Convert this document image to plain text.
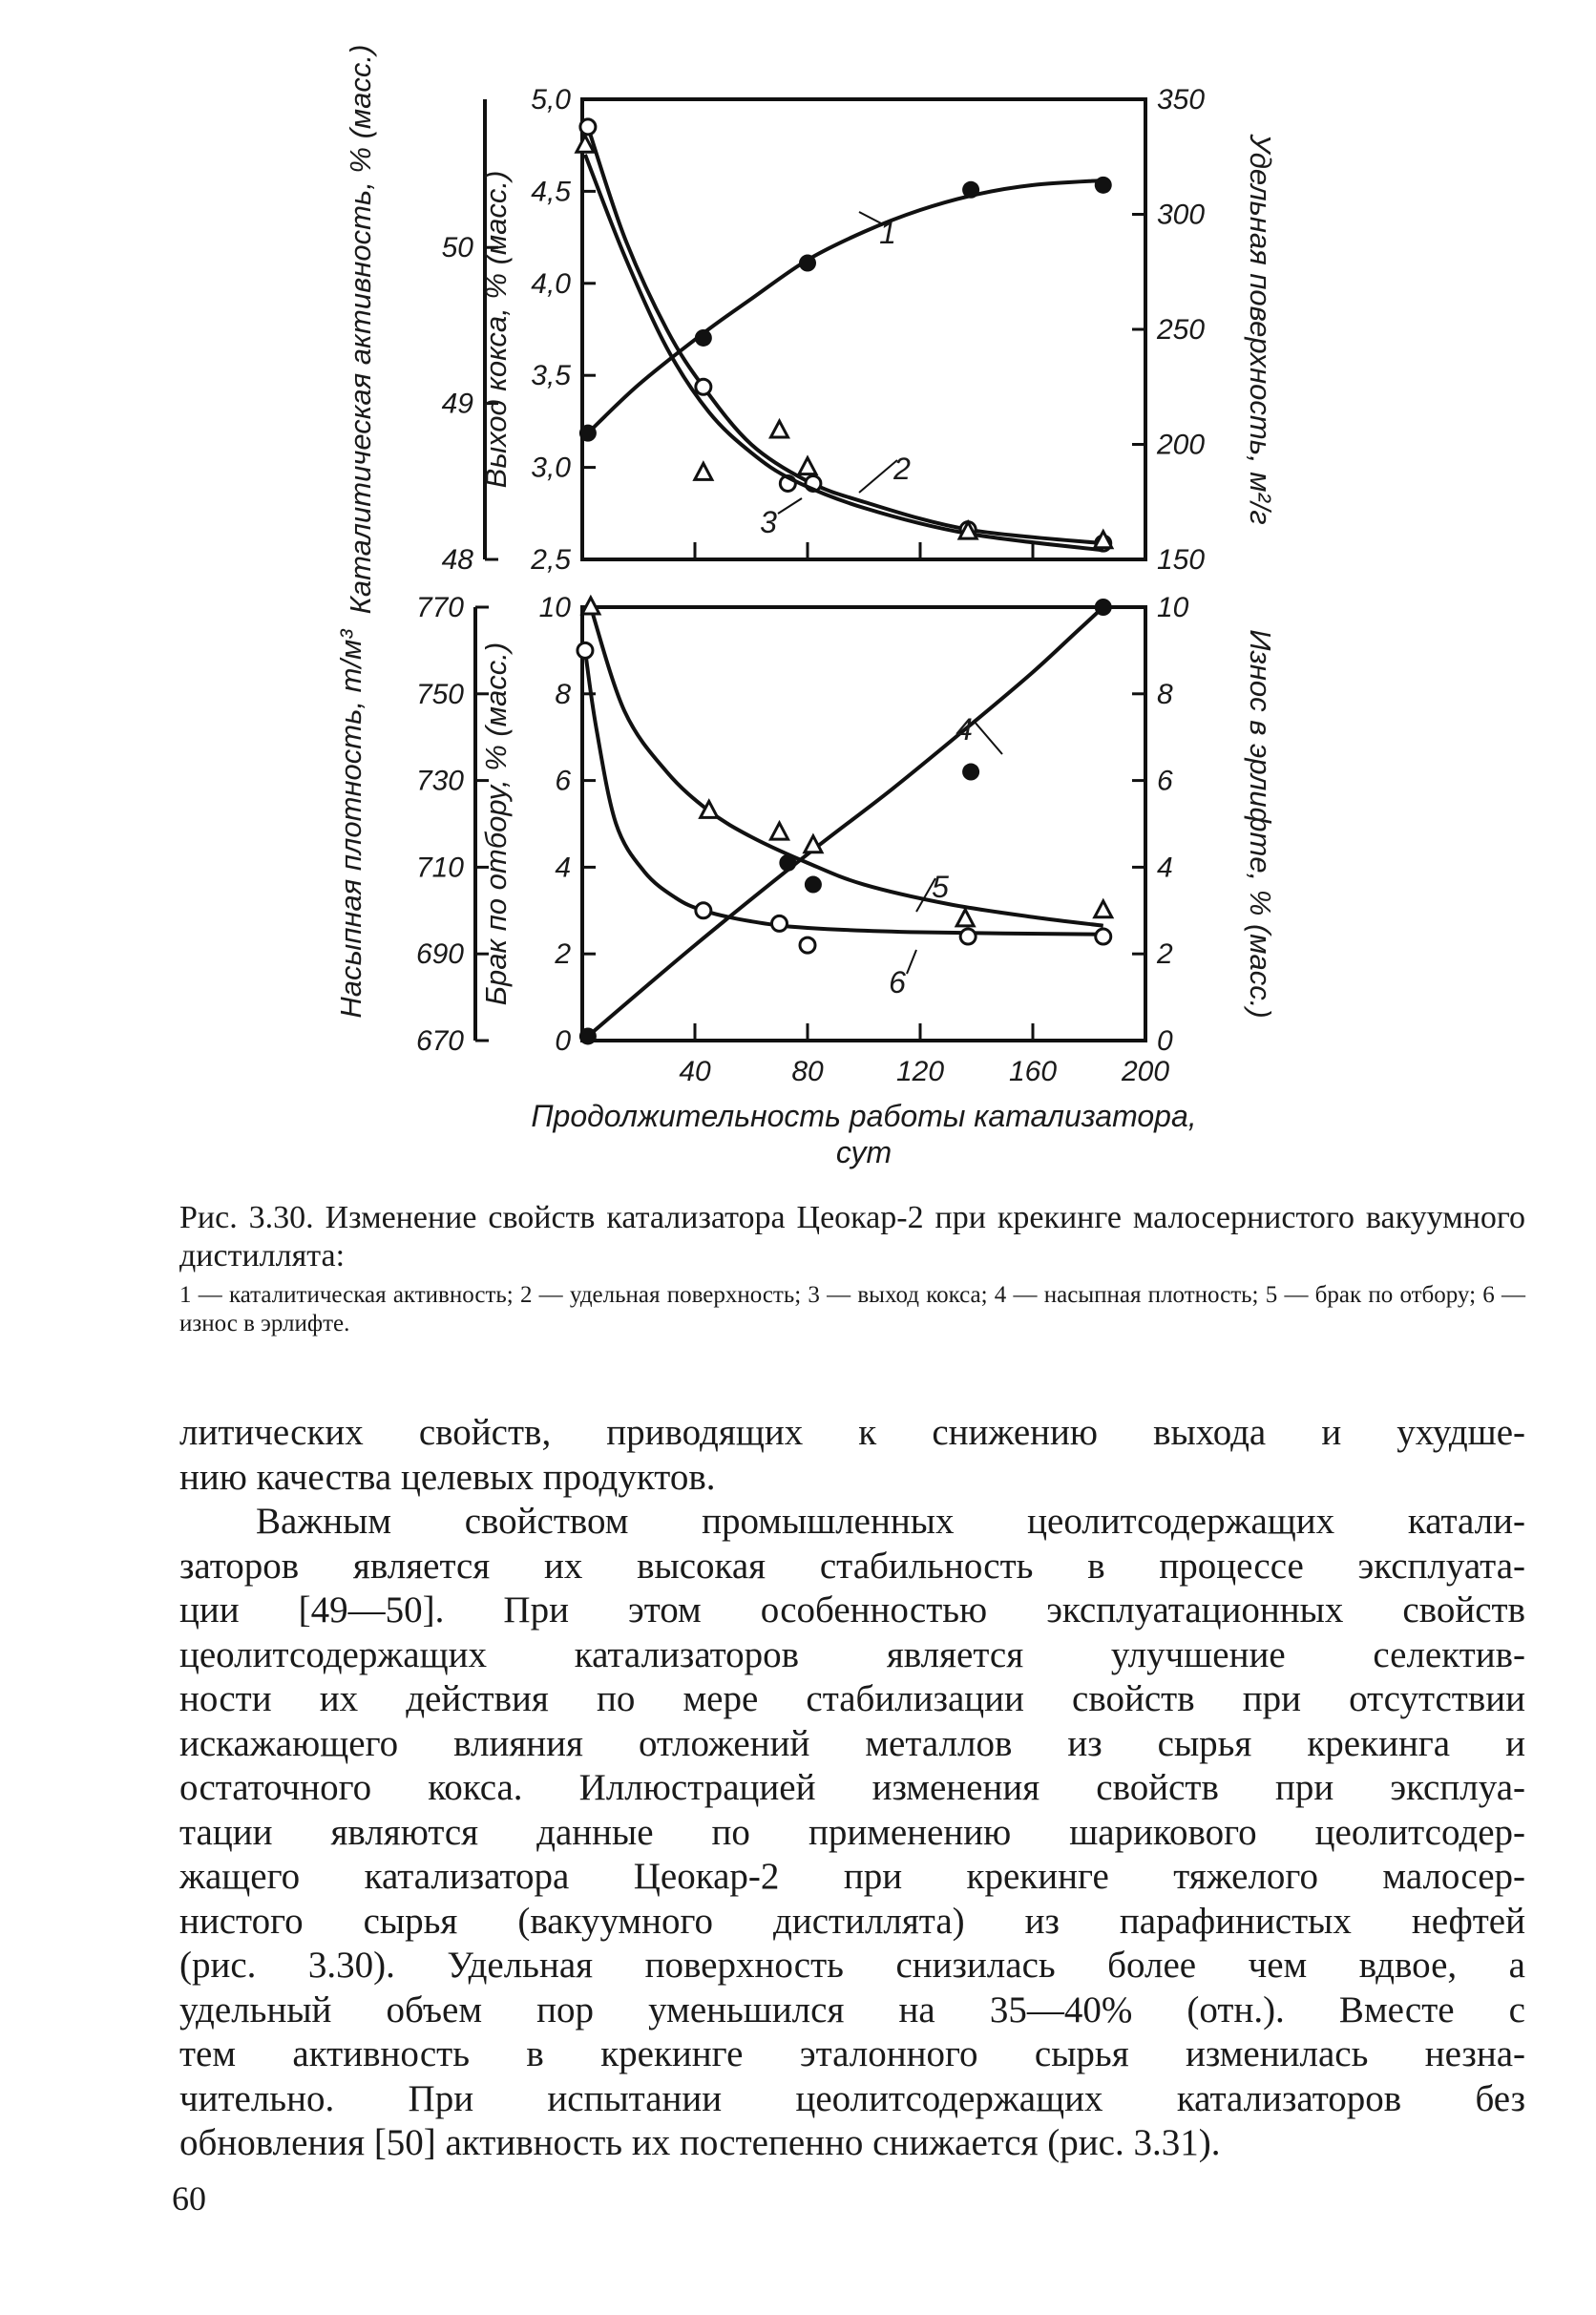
48
49
50
Каталитическая активность, % (масс.)	2,5
3,0
3,5
4,0
4,5
5,0
Выход кокса, % (масс.)
150
200
250
300
350
Удельная поверхность, м²/г
670
690
710
730
750
770
Насыпная плотность, т/м³
0
2
4
6
8
10
Брак по отбору, % (масс.)
0
2
4
6
8
10
Износ в эрлифте, % (масс.)
40	80	120 160 200
1
2
3
4
5
6
Продолжительность работы катализатора,
сут
Рис. 3.30. Изменение свойств катализатора Цеокар-2 при крекинге малосернистого вакуумного дистиллята:
1 — каталитическая активность; 2 — удельная поверхность; 3 — выход кокса; 4 — насыпная плотность; 5 — брак по отбору; 6 — износ в эрлифте.
литических свойств, приводящих к снижению выхода и ухудше-
нию качества целевых продуктов.
Важным свойством промышленных цеолитсодержащих катали-
заторов является их высокая стабильность в процессе эксплуата-
ции [49—50]. При этом особенностью эксплуатационных свойств
цеолитсодержащих катализаторов является улучшение селектив-
ности их действия по мере стабилизации свойств при отсутствии
искажающего влияния отложений металлов из сырья крекинга и
остаточного кокса. Иллюстрацией изменения свойств при эксплуа-
тации являются данные по применению шарикового цеолитсодер-
жащего катализатора Цеокар-2 при крекинге тяжелого малосер-
нистого сырья (вакуумного дистиллята) из парафинистых нефтей
(рис. 3.30). Удельная поверхность снизилась более чем вдвое, а
удельный объем пор уменьшился на 35—40% (отн.). Вместе с
тем активность в крекинге эталонного сырья изменилась незна-
чительно. При испытании цеолитсодержащих катализаторов без
обновления [50] активность их постепенно снижается (рис. 3.31).
60
